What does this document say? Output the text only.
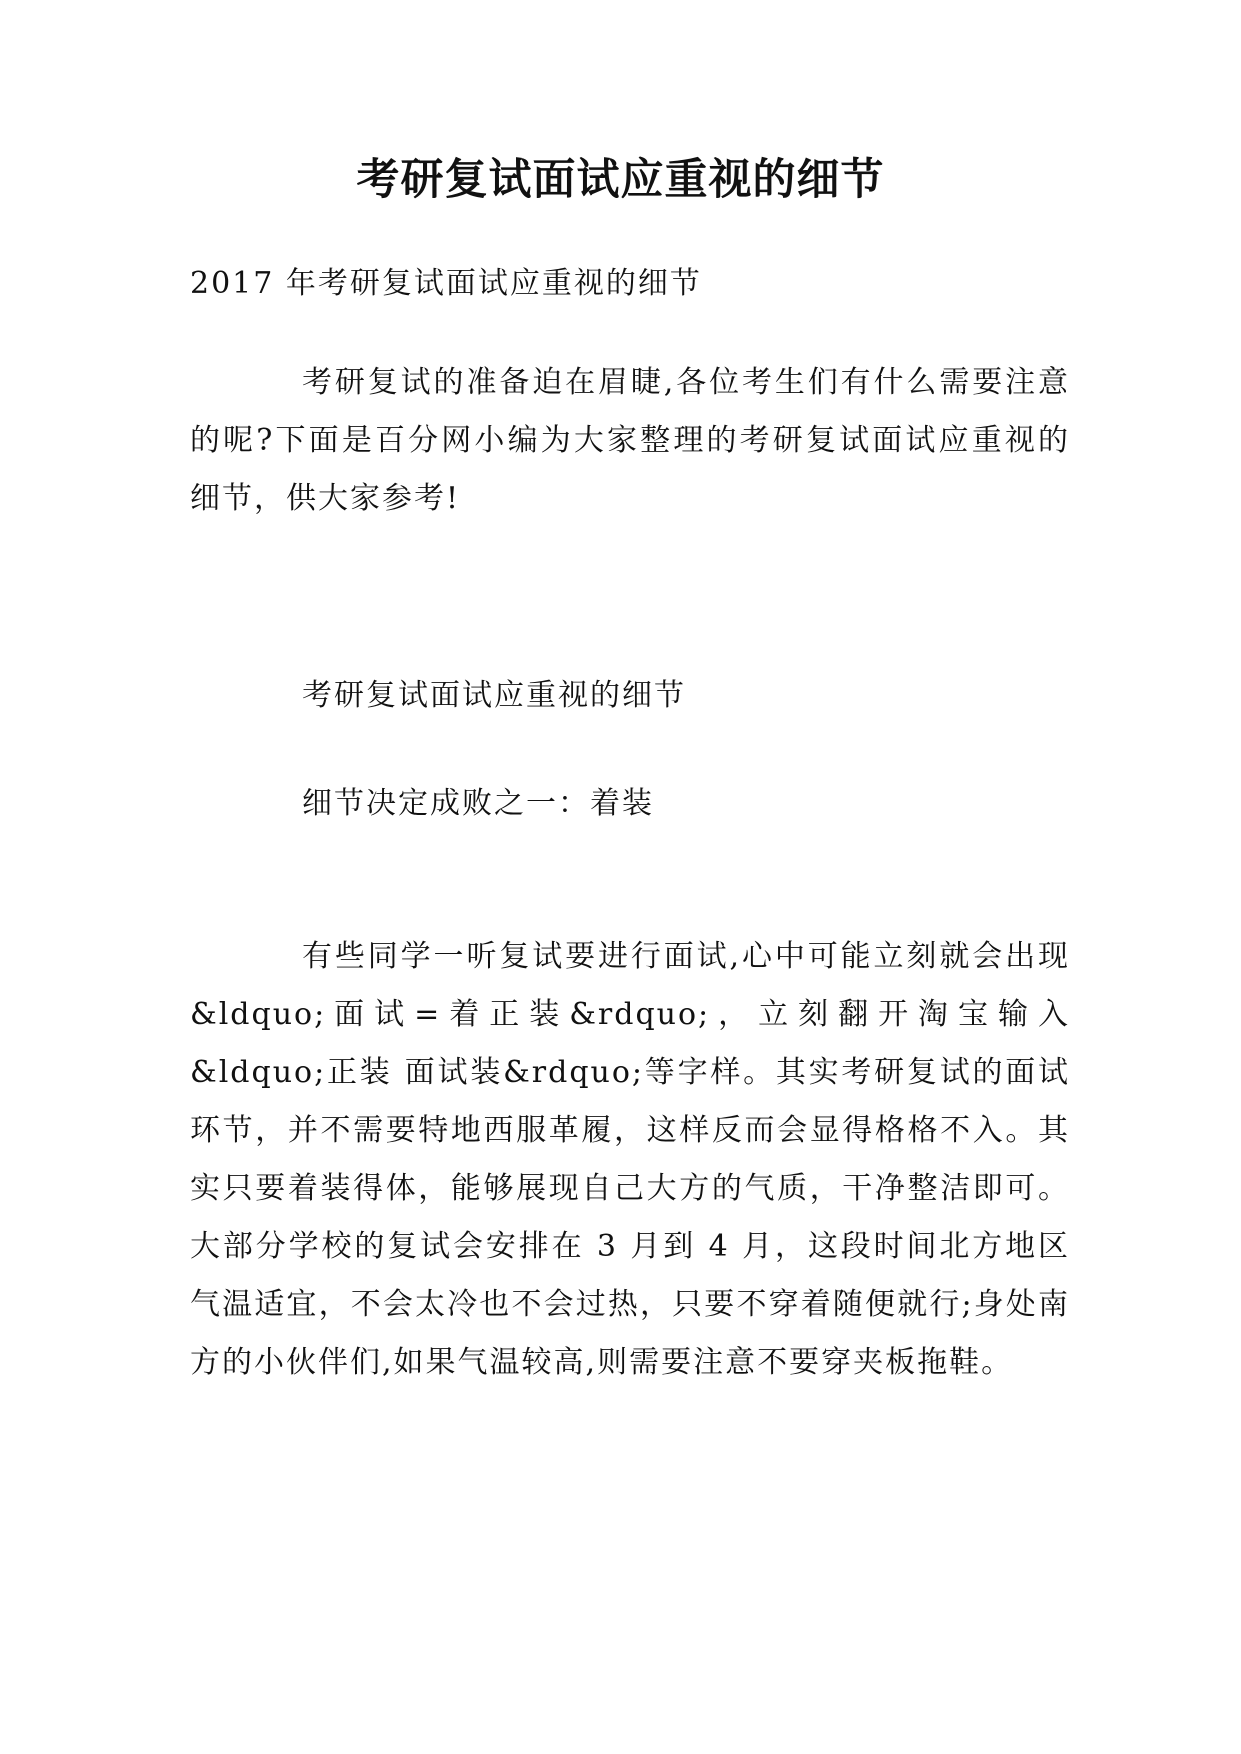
考研复试面试应重视的细节
2017 年考研复试面试应重视的细节
考研复试的准备迫在眉睫,各位考生们有什么需要注意的呢?下面是百分网小编为大家整理的考研复试面试应重视的细节，供大家参考!
考研复试面试应重视的细节
细节决定成败之一：着装
有些同学一听复试要进行面试,心中可能立刻就会出现&ldquo;面试=着正装&rdquo;，立刻翻开淘宝输入&ldquo;正装 面试装&rdquo;等字样。其实考研复试的面试环节，并不需要特地西服革履，这样反而会显得格格不入。其实只要着装得体，能够展现自己大方的气质，干净整洁即可。大部分学校的复试会安排在 3 月到 4 月，这段时间北方地区气温适宜，不会太冷也不会过热，只要不穿着随便就行;身处南方的小伙伴们,如果气温较高,则需要注意不要穿夹板拖鞋。
